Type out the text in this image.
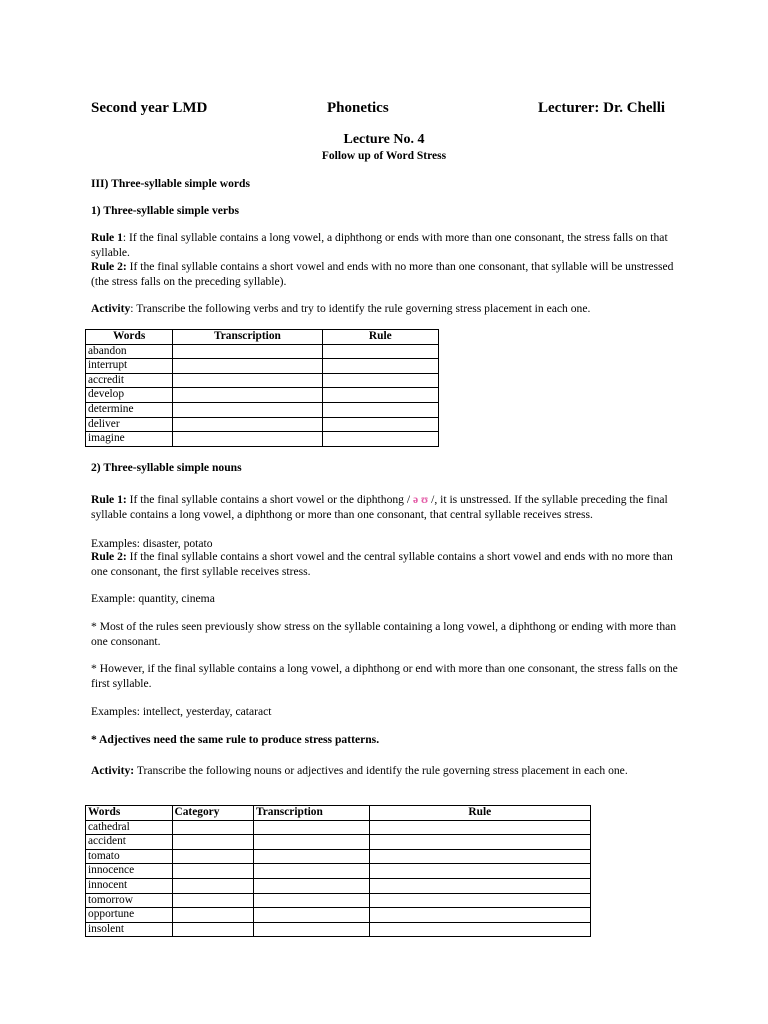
Second year LMD	Phonetics	Lecturer: Dr. Chelli
Lecture No. 4
Follow up of Word Stress
III) Three-syllable simple words
1) Three-syllable simple verbs
Rule 1: If the final syllable contains a long vowel, a diphthong or ends with more than one consonant, the stress falls on that syllable.
Rule 2: If the final syllable contains a short vowel and ends with no more than one consonant, that syllable will be unstressed (the stress falls on the preceding syllable).
Activity: Transcribe the following verbs and try to identify the rule governing stress placement in each one.
Words	Transcription	Rule
abandon		
interrupt		
accredit		
develop		
determine		
deliver		
imagine		
2) Three-syllable simple nouns
Rule 1: If the final syllable contains a short vowel or the diphthong / ə ʊ /, it is unstressed. If the syllable preceding the final syllable contains a long vowel, a diphthong or more than one consonant, that central syllable receives stress.
Examples: disaster, potato
Rule 2: If the final syllable contains a short vowel and the central syllable contains a short vowel and ends with no more than one consonant, the first syllable receives stress.
Example: quantity, cinema
* Most of the rules seen previously show stress on the syllable containing a long vowel, a diphthong or ending with more than one consonant.
* However, if the final syllable contains a long vowel, a diphthong or end with more than one consonant, the stress falls on the first syllable.
Examples: intellect, yesterday, cataract
* Adjectives need the same rule to produce stress patterns.
Activity: Transcribe the following nouns or adjectives and identify the rule governing stress placement in each one.
Words	Category	Transcription	Rule
cathedral			
accident			
tomato			
innocence			
innocent			
tomorrow			
opportune			
insolent			
